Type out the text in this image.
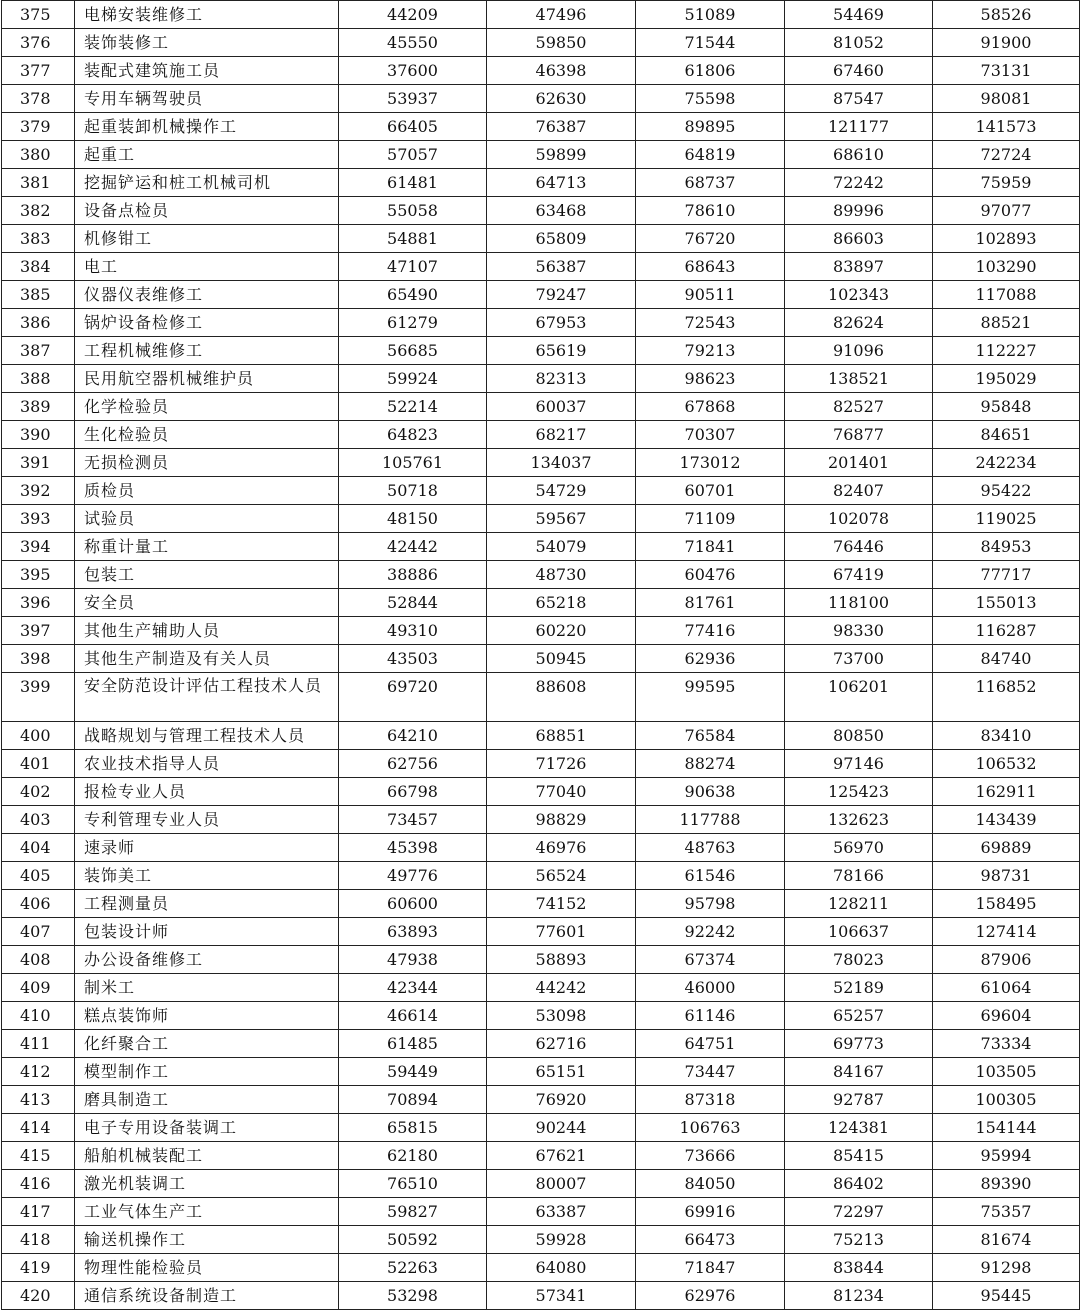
375	电梯安装维修工	44209	47496	51089	54469	58526
376	装饰装修工	45550	59850	71544	81052	91900
377	装配式建筑施工员	37600	46398	61806	67460	73131
378	专用车辆驾驶员	53937	62630	75598	87547	98081
379	起重装卸机械操作工	66405	76387	89895	121177	141573
380	起重工	57057	59899	64819	68610	72724
381	挖掘铲运和桩工机械司机	61481	64713	68737	72242	75959
382	设备点检员	55058	63468	78610	89996	97077
383	机修钳工	54881	65809	76720	86603	102893
384	电工	47107	56387	68643	83897	103290
385	仪器仪表维修工	65490	79247	90511	102343	117088
386	锅炉设备检修工	61279	67953	72543	82624	88521
387	工程机械维修工	56685	65619	79213	91096	112227
388	民用航空器机械维护员	59924	82313	98623	138521	195029
389	化学检验员	52214	60037	67868	82527	95848
390	生化检验员	64823	68217	70307	76877	84651
391	无损检测员	105761	134037	173012	201401	242234
392	质检员	50718	54729	60701	82407	95422
393	试验员	48150	59567	71109	102078	119025
394	称重计量工	42442	54079	71841	76446	84953
395	包装工	38886	48730	60476	67419	77717
396	安全员	52844	65218	81761	118100	155013
397	其他生产辅助人员	49310	60220	77416	98330	116287
398	其他生产制造及有关人员	43503	50945	62936	73700	84740
399	安全防范设计评估工程技术人员	69720	88608	99595	106201	116852
400	战略规划与管理工程技术人员	64210	68851	76584	80850	83410
401	农业技术指导人员	62756	71726	88274	97146	106532
402	报检专业人员	66798	77040	90638	125423	162911
403	专利管理专业人员	73457	98829	117788	132623	143439
404	速录师	45398	46976	48763	56970	69889
405	装饰美工	49776	56524	61546	78166	98731
406	工程测量员	60600	74152	95798	128211	158495
407	包装设计师	63893	77601	92242	106637	127414
408	办公设备维修工	47938	58893	67374	78023	87906
409	制米工	42344	44242	46000	52189	61064
410	糕点装饰师	46614	53098	61146	65257	69604
411	化纤聚合工	61485	62716	64751	69773	73334
412	模型制作工	59449	65151	73447	84167	103505
413	磨具制造工	70894	76920	87318	92787	100305
414	电子专用设备装调工	65815	90244	106763	124381	154144
415	船舶机械装配工	62180	67621	73666	85415	95994
416	激光机装调工	76510	80007	84050	86402	89390
417	工业气体生产工	59827	63387	69916	72297	75357
418	输送机操作工	50592	59928	66473	75213	81674
419	物理性能检验员	52263	64080	71847	83844	91298
420	通信系统设备制造工	53298	57341	62976	81234	95445
